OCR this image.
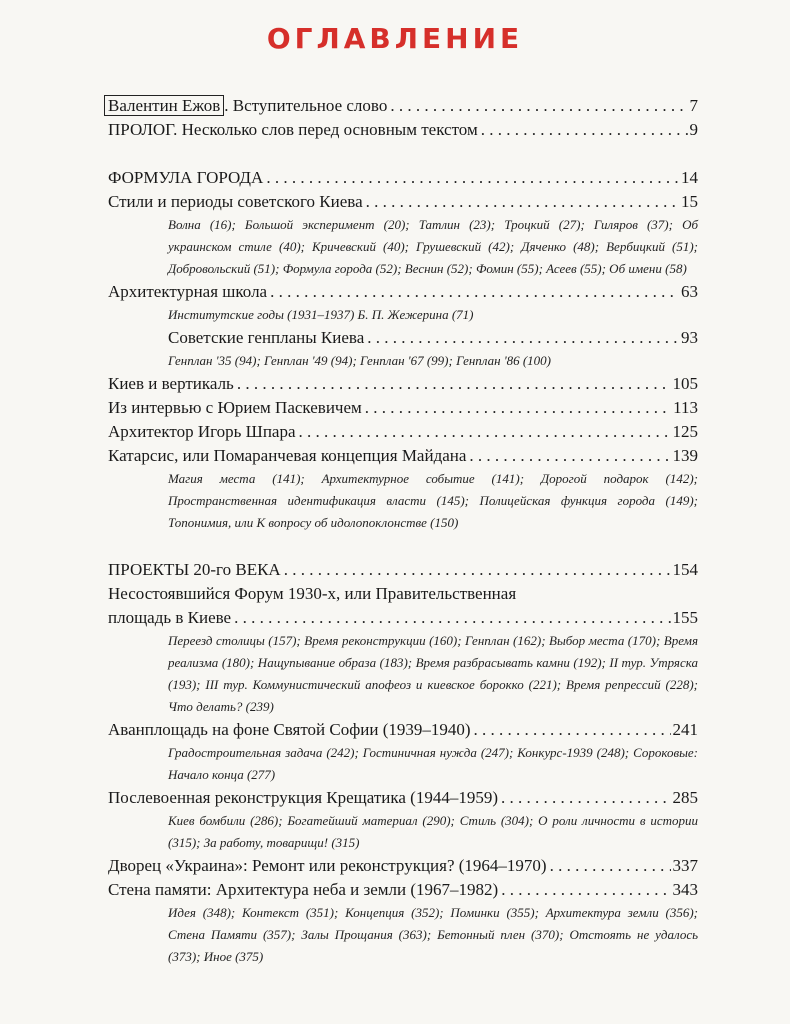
ОГЛАВЛЕНИЕ
Валентин Ежов . Вступительное слово . . .	7
ПРОЛОГ. Несколько слов перед основным текстом . . .	9
ФОРМУЛА ГОРОДА . . .	14
Стили и периоды советского Киева . . .	15
Волна (16); Большой эксперимент (20); Татлин (23); Троцкий (27); Гиляров (37); Об украинском стиле (40); Кричевский (40); Грушевский (42); Дяченко (48); Вербицкий (51); Добровольский (51); Формула города (52); Веснин (52); Фомин (55); Асеев (55); Об имени (58)
Архитектурная школа . . .	63
Институтские годы (1931–1937) Б. П. Жежерина (71)
Советские генпланы Киева . . .	93
Генплан '35 (94); Генплан '49 (94); Генплан '67 (99); Генплан '86 (100)
Киев и вертикаль . . .	105
Из интервью с Юрием Паскевичем . . .	113
Архитектор Игорь Шпара . . .	125
Катарсис, или Помаранчевая концепция Майдана . . .	139
Магия места (141); Архитектурное событие (141); Дорогой подарок (142); Пространственная идентификация власти (145); Полицейская функция города (149); Топонимия, или К вопросу об идолопоклонстве (150)
ПРОЕКТЫ 20-го ВЕКА . . .	154
Несостоявшийся Форум 1930-х, или Правительственная
площадь в Киеве . . .	155
Переезд столицы (157); Время реконструкции (160); Генплан (162); Выбор места (170); Время реализма (180); Нащупывание образа (183); Время разбрасывать камни (192); II тур. Утряска (193); III тур. Коммунистический апофеоз и киевское борокко (221); Время репрессий (228); Что делать? (239)
Аванплощадь на фоне Святой Софии (1939–1940) . . .	241
Градостроительная задача (242); Гостиничная нужда (247); Конкурс-1939 (248); Сороковые: Начало конца (277)
Послевоенная реконструкция Крещатика (1944–1959) . . .	285
Киев бомбили (286); Богатейший материал (290); Стиль (304); О роли личности в истории (315); За работу, товарищи! (315)
Дворец «Украина»: Ремонт или реконструкция? (1964–1970) . . .	337
Стена памяти: Архитектура неба и земли (1967–1982) . . .	343
Идея (348); Контекст (351); Концепция (352); Поминки (355); Архитектура земли (356); Стена Памяти (357); Залы Прощания (363); Бетонный плен (370); Отстоять не удалось (373); Иное (375)
